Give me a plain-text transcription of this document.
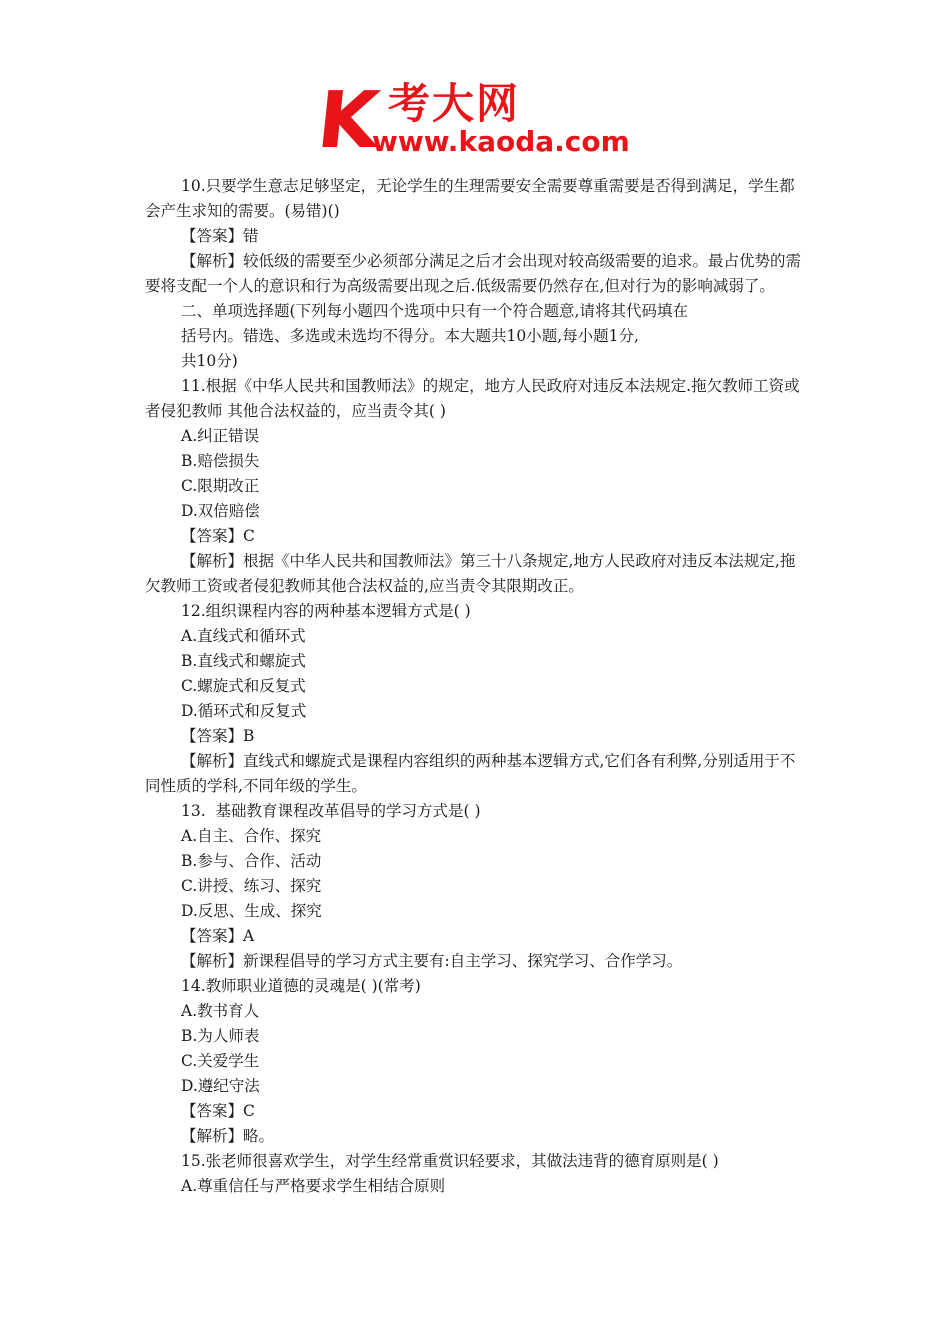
K 考大网
www.kaoda.com

10.只要学生意志足够坚定，无论学生的生理需要安全需要尊重需要是否得到满足，学生都会产生求知的需要。(易错)()

【答案】错

【解析】较低级的需要至少必须部分满足之后才会出现对较高级需要的追求。最占优势的需要将支配一个人的意识和行为高级需要出现之后.低级需要仍然存在,但对行为的影响减弱了。

二、单项选择题(下列每小题四个选项中只有一个符合题意,请将其代码填在

括号内。错选、多选或未选均不得分。本大题共10小题,每小题1分,

共10分)

11.根据《中华人民共和国教师法》的规定，地方人民政府对违反本法规定.拖欠教师工资或者侵犯教师 其他合法权益的，应当责令其( )

A.纠正错误

B.赔偿损失

C.限期改正

D.双倍赔偿

【答案】C

【解析】根据《中华人民共和国教师法》第三十八条规定,地方人民政府对违反本法规定,拖欠教师工资或者侵犯教师其他合法权益的,应当责令其限期改正。

12.组织课程内容的两种基本逻辑方式是( )

A.直线式和循环式

B.直线式和螺旋式

C.螺旋式和反复式

D.循环式和反复式

【答案】B

【解析】直线式和螺旋式是课程内容组织的两种基本逻辑方式,它们各有利弊,分别适用于不同性质的学科,不同年级的学生。

13.  基础教育课程改革倡导的学习方式是( )

A.自主、合作、探究

B.参与、合作、活动

C.讲授、练习、探究

D.反思、生成、探究

【答案】A

【解析】新课程倡导的学习方式主要有:自主学习、探究学习、合作学习。

14.教师职业道德的灵魂是( )(常考)

A.教书育人

B.为人师表

C.关爱学生

D.遵纪守法

【答案】C

【解析】略。

15.张老师很喜欢学生，对学生经常重赏识轻要求，其做法违背的德育原则是( )

A.尊重信任与严格要求学生相结合原则
